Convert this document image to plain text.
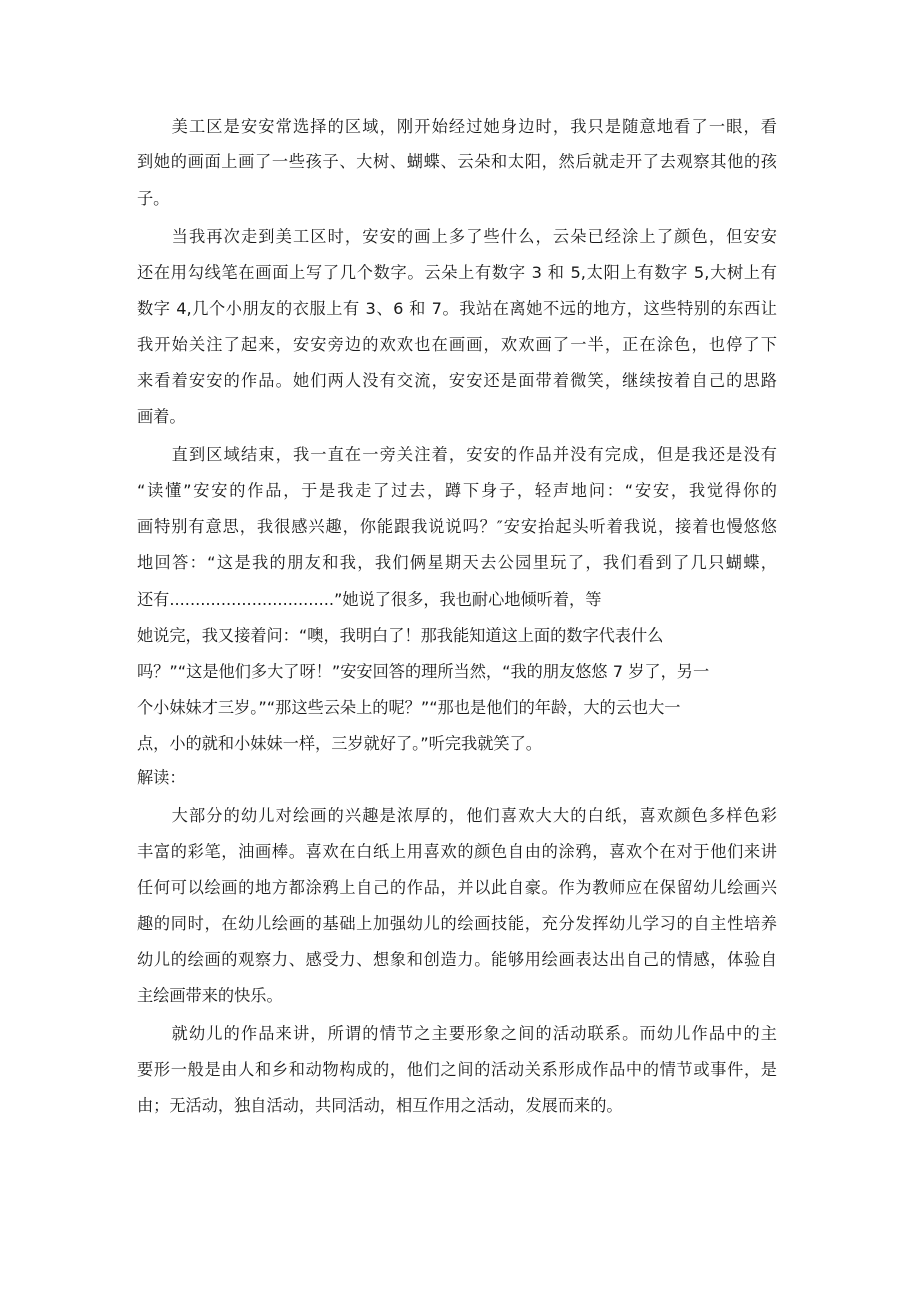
　　美工区是安安常选择的区域，刚开始经过她身边时，我只是随意地看了一眼，看
到她的画面上画了一些孩子、大树、蝴蝶、云朵和太阳，然后就走开了去观察其他的孩
子。
　　当我再次走到美工区时，安安的画上多了些什么，云朵已经涂上了颜色，但安安
还在用勾线笔在画面上写了几个数字。云朵上有数字 3 和 5,太阳上有数字 5,大树上有
数字 4,几个小朋友的衣服上有 3、6 和 7。我站在离她不远的地方，这些特别的东西让
我开始关注了起来，安安旁边的欢欢也在画画，欢欢画了一半，正在涂色，也停了下
来看着安安的作品。她们两人没有交流，安安还是面带着微笑，继续按着自己的思路
画着。
　　直到区域结束，我一直在一旁关注着，安安的作品并没有完成，但是我还是没有
“读懂”安安的作品，于是我走了过去，蹲下身子，轻声地问：“安安，我觉得你的
画特别有意思，我很感兴趣，你能跟我说说吗？″安安抬起头听着我说，接着也慢悠悠
地回答：“这是我的朋友和我，我们俩星期天去公园里玩了，我们看到了几只蝴蝶，
还有................................”她说了很多，我也耐心地倾听着，等
她说完，我又接着问：“噢，我明白了！那我能知道这上面的数字代表什么
吗？”“这是他们多大了呀！”安安回答的理所当然，“我的朋友悠悠 7 岁了，另一
个小妹妹才三岁。”“那这些云朵上的呢？”“那也是他们的年龄，大的云也大一
点，小的就和小妹妹一样，三岁就好了。”听完我就笑了。
解读：
　　大部分的幼儿对绘画的兴趣是浓厚的，他们喜欢大大的白纸，喜欢颜色多样色彩
丰富的彩笔，油画棒。喜欢在白纸上用喜欢的颜色自由的涂鸦，喜欢个在对于他们来讲
任何可以绘画的地方都涂鸦上自己的作品，并以此自豪。作为教师应在保留幼儿绘画兴
趣的同时，在幼儿绘画的基础上加强幼儿的绘画技能，充分发挥幼儿学习的自主性培养
幼儿的绘画的观察力、感受力、想象和创造力。能够用绘画表达出自己的情感，体验自
主绘画带来的快乐。
　　就幼儿的作品来讲，所谓的情节之主要形象之间的活动联系。而幼儿作品中的主
要形一般是由人和乡和动物构成的，他们之间的活动关系形成作品中的情节或事件，是
由；无活动，独自活动，共同活动，相互作用之活动，发展而来的。
